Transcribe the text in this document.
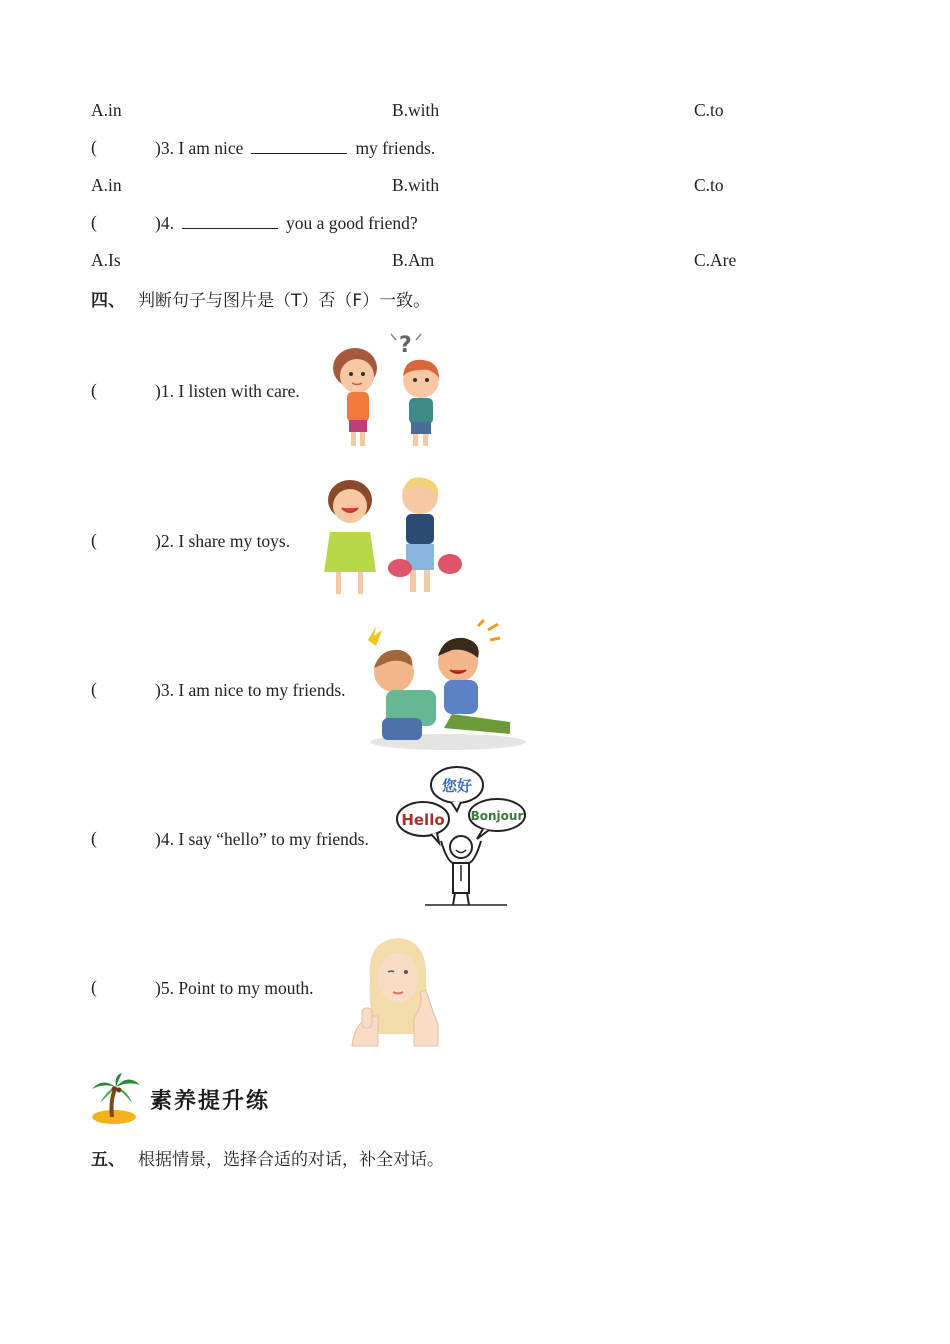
A.in	B.with	C.to
(	)3. I am nice	my friends.
A.in	B.with	C.to
(	)4.	you a good friend?
A.Is	B.Am	C.Are
四、 判断句子与图片是（T）否（F）一致。
(	)1. I listen with care.
?
(	)2. I share my toys.
(	)3. I am nice to my friends.
(	)4. I say “hello” to my friends.
您好
Hello Bonjour
(	)5. Point to my mouth.
素养提升练
五、 根据情景，选择合适的对话，补全对话。
